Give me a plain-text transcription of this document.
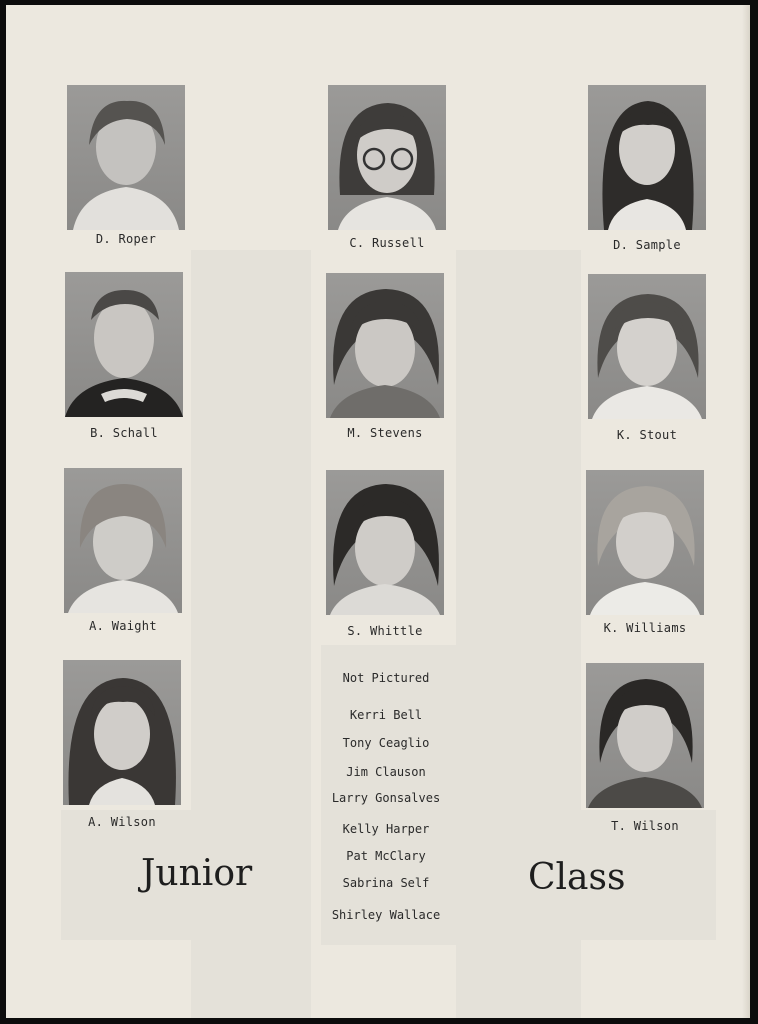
D. Roper	C. Russell	D. Sample
B. Schall	M. Stevens	K. Stout
A. Waight	S. Whittle	K. Williams
A. Wilson	T. Wilson
Not Pictured
Kerri Bell
Tony Ceaglio
Jim Clauson
Larry Gonsalves
Kelly Harper
Pat McClary
Sabrina Self
Shirley Wallace
Junior	Class
